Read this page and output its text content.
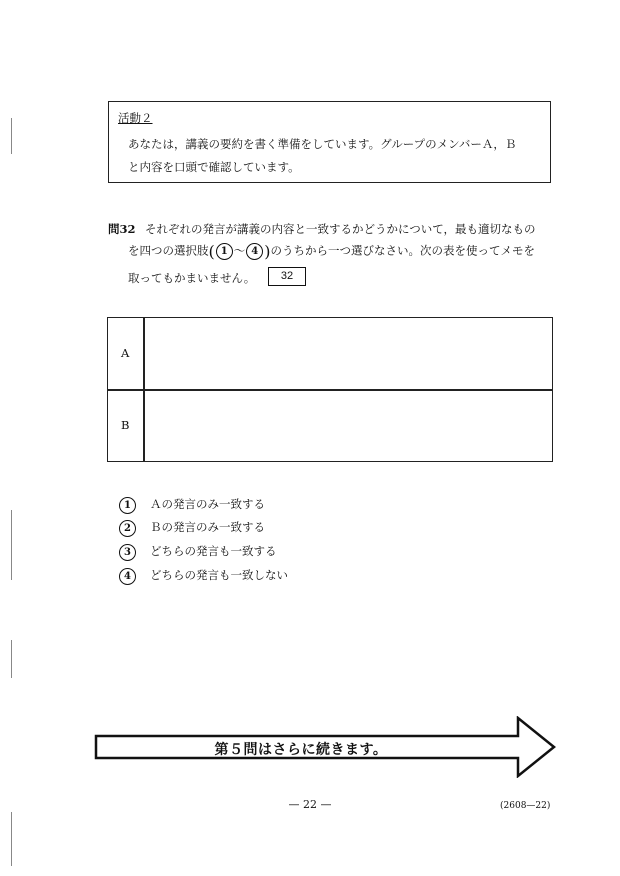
活動２
あなたは，講義の要約を書く準備をしています。グループのメンバーＡ，Ｂ
と内容を口頭で確認しています。
問32 それぞれの発言が講義の内容と一致するかどうかについて，最も適切なもの
を四つの選択肢( 1 ～ 4 )のうちから一つ選びなさい。次の表を使ってメモを
取ってもかまいません。	32
A
B
1 Ａの発言のみ一致する
2 Ｂの発言のみ一致する
3 どちらの発言も一致する
4 どちらの発言も一致しない
第５問はさらに続きます。
— 22 —	(2608—22)
